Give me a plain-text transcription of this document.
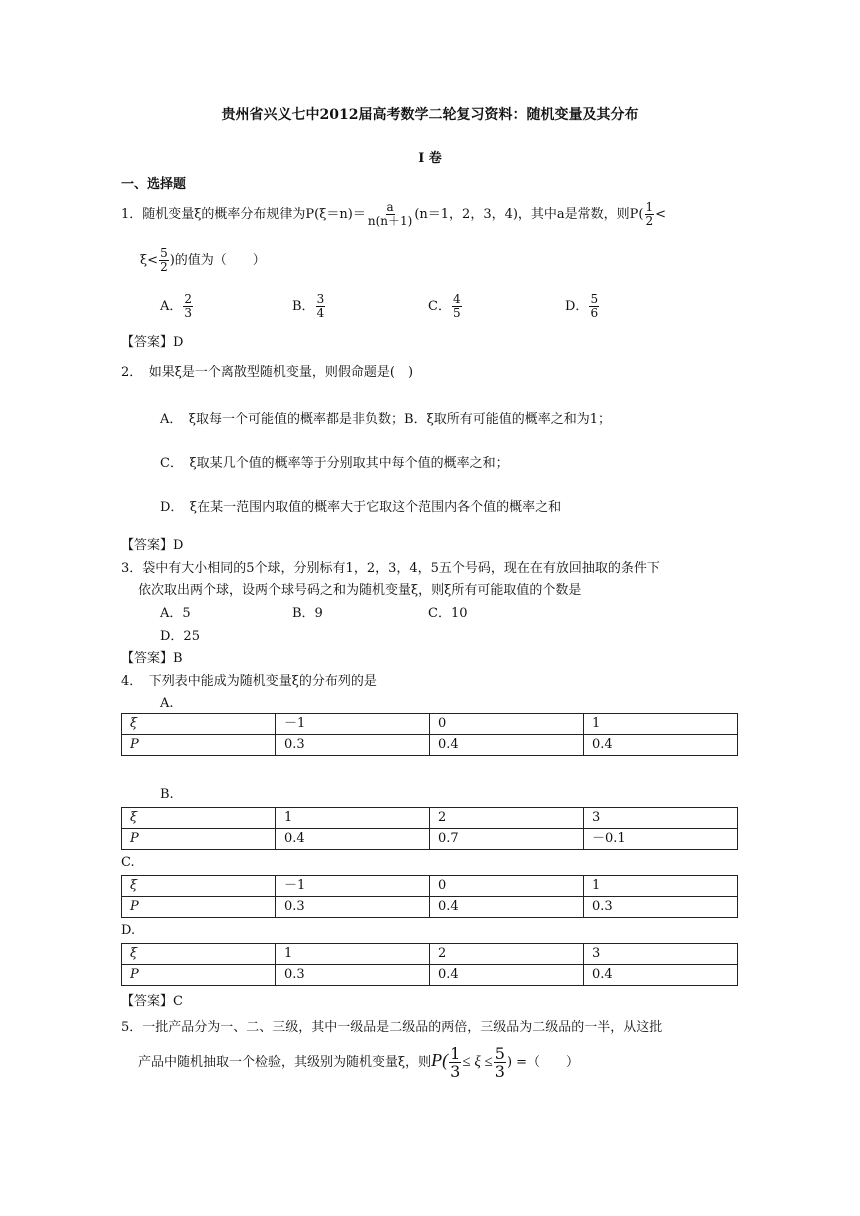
贵州省兴义七中2012届高考数学二轮复习资料：随机变量及其分布
I 卷
一、选择题
1．随机变量ξ的概率分布规律为$P(\xi=n)= \frac{a}{n(n+1)} (n=1$，2，3，4)，其中a是常数，则$P( \frac{1}{2}$ <
$\xi< \frac{5}{2}$ )的值为（　　）
A． $\frac{2}{3}$	B． $\frac{3}{4}$	C． $\frac{4}{5}$	D． $\frac{5}{6}$
【答案】D
2．　如果ξ是一个离散型随机变量，则假命题是(　)
A．　ξ取每一个可能值的概率都是非负数；B．ξ取所有可能值的概率之和为1；
C．　ξ取某几个值的概率等于分别取其中每个值的概率之和；
D．　ξ在某一范围内取值的概率大于它取这个范围内各个值的概率之和
【答案】D
3．袋中有大小相同的5个球，分别标有1，2，3，4，5五个号码，现在在有放回抽取的条件下
依次取出两个球，设两个球号码之和为随机变量ξ，则ξ所有可能取值的个数是
A．5	B．9	C．10
D．25
【答案】B
4．　下列表中能成为随机变量ξ的分布列的是
A.
ξ	－1	0	1
P	0.3	0.4	0.4
B.
ξ	1	2	3
P	0.4	0.7	－0.1
C.
ξ	－1	0	1
P	0.3	0.4	0.3
D.
ξ	1	2	3
P	0.3	0.4	0.4
【答案】C
5．一批产品分为一、二、三级，其中一级品是二级品的两倍，三级品为二级品的一半，从这批
产品中随机抽取一个检验，其级别为随机变量ξ，则$P( \frac{1}{3} \le \xi \le \frac{5}{3}$ ) =（　　）
